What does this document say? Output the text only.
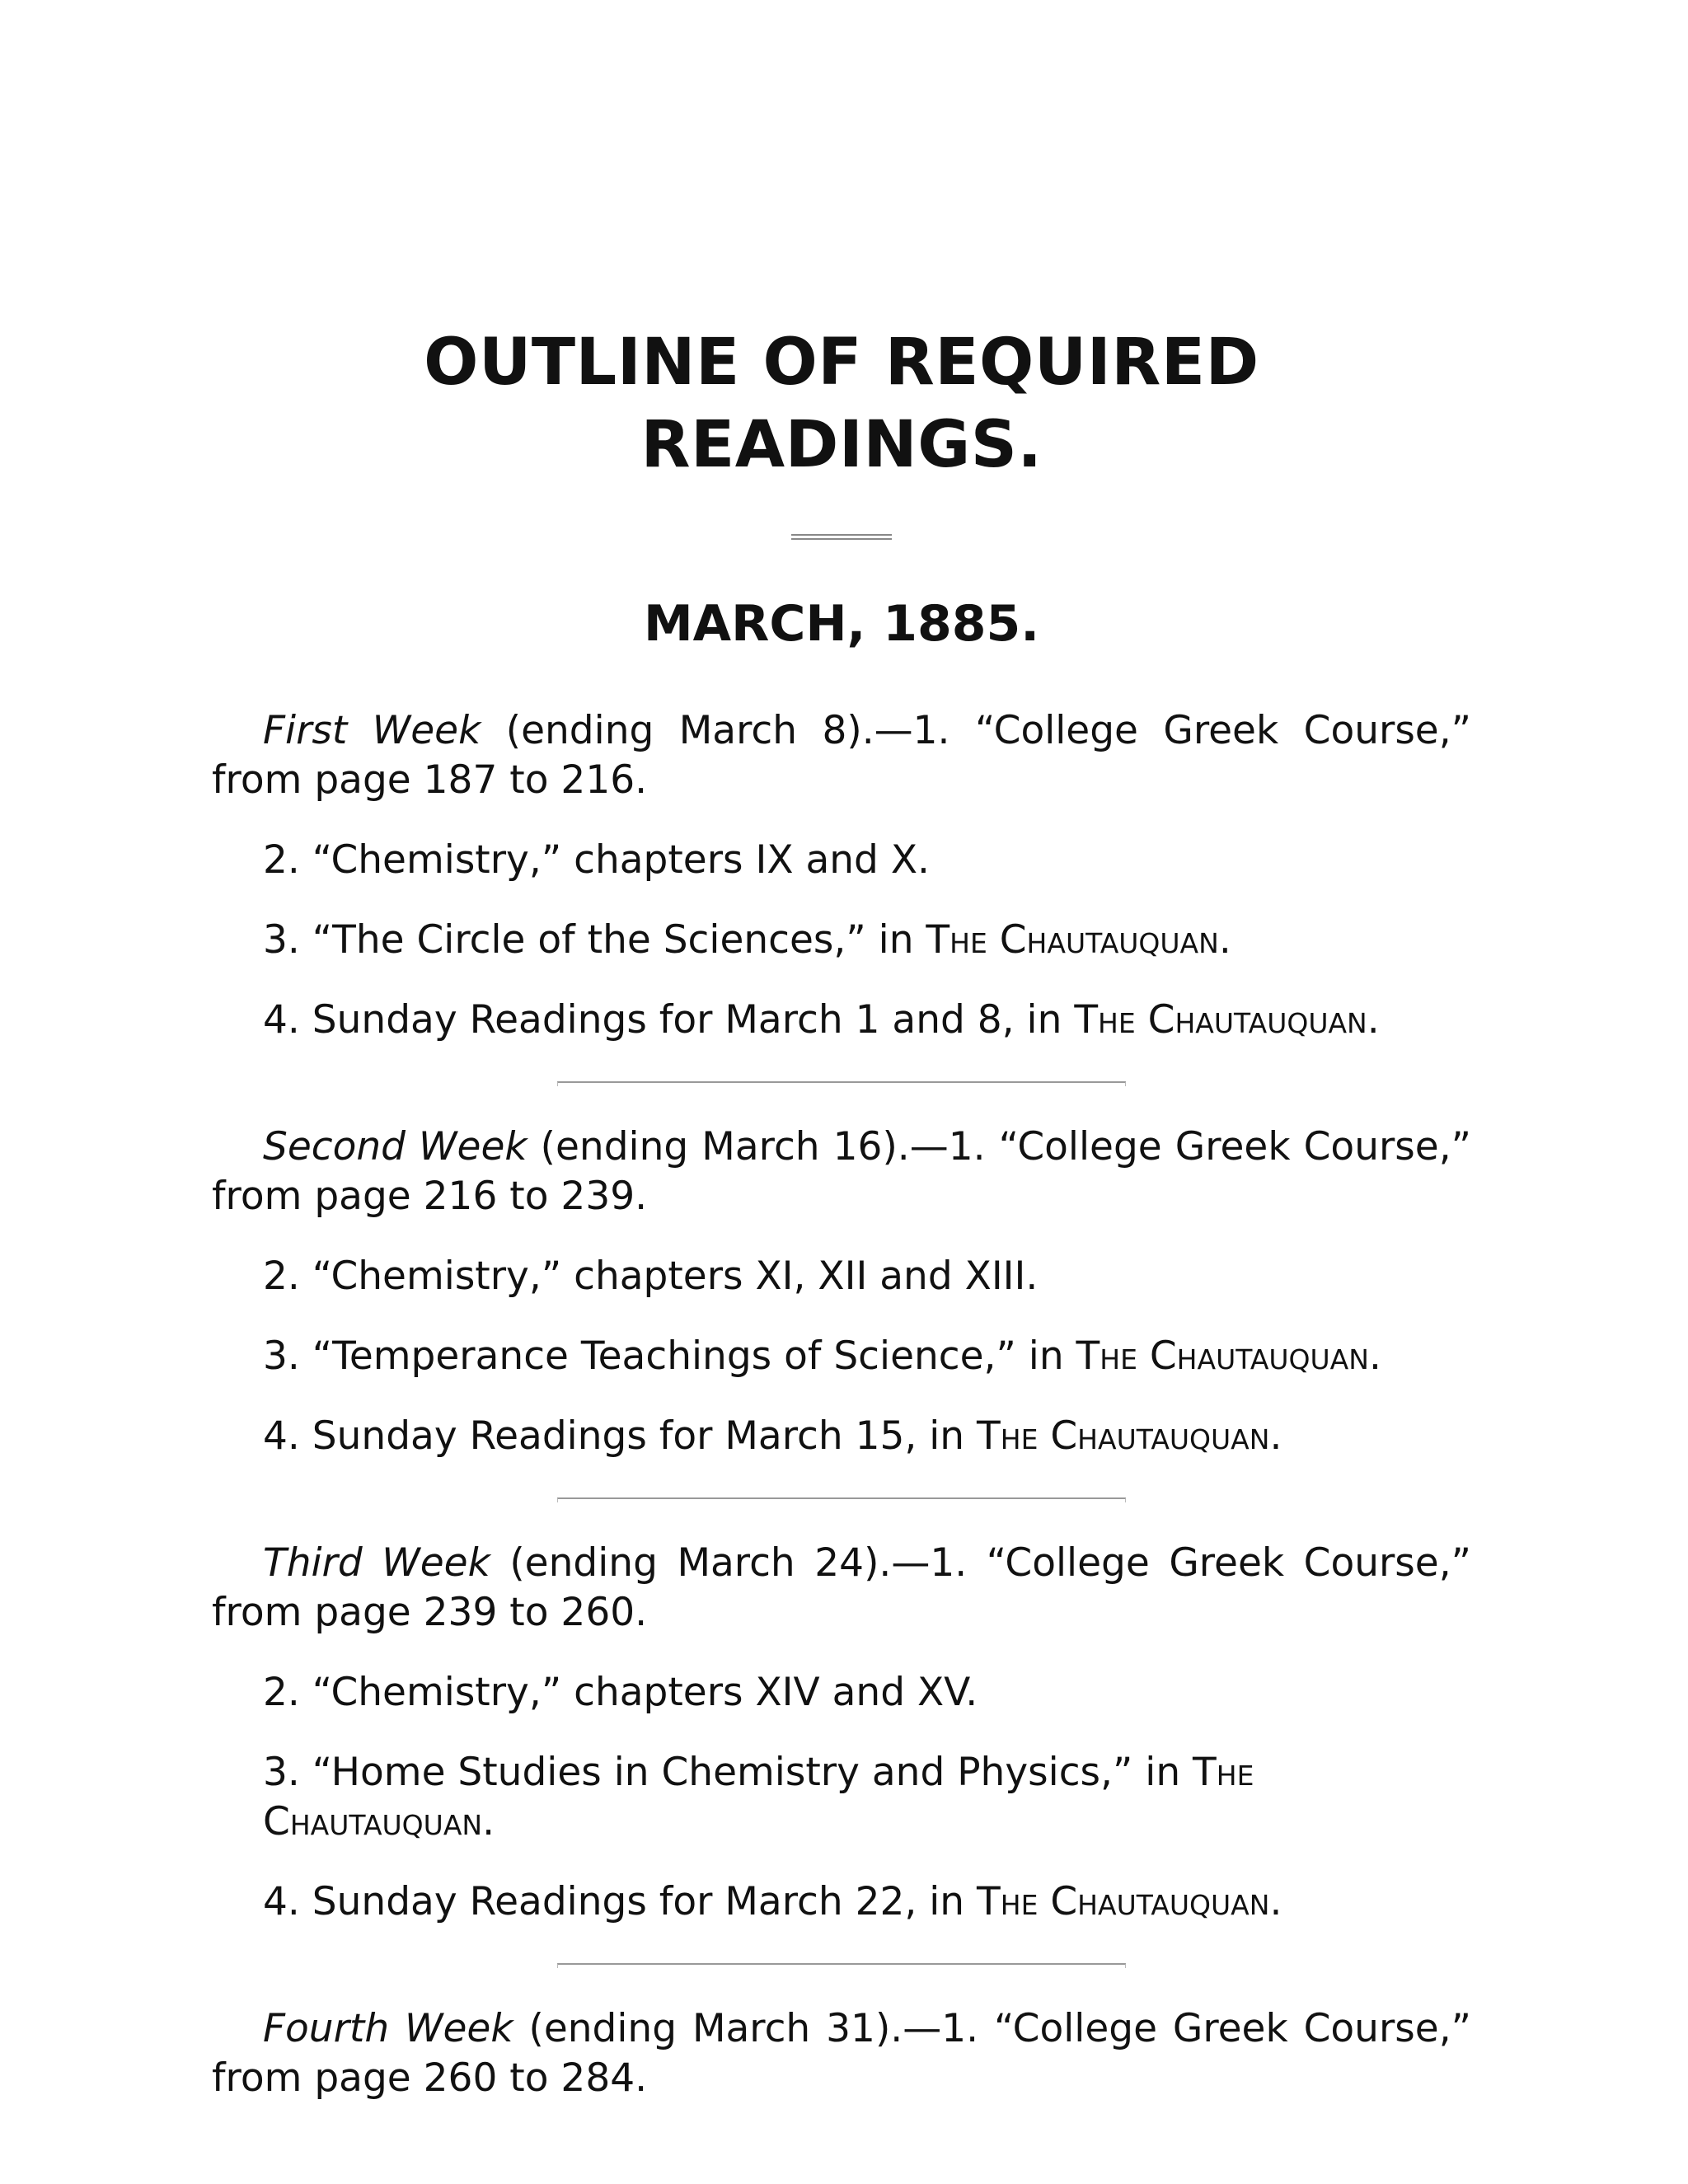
OUTLINE OF REQUIRED READINGS.
MARCH, 1885.

First Week (ending March 8).—1. “College Greek Course,” from page 187 to 216.

2. “Chemistry,” chapters IX and X.

3. “The Circle of the Sciences,” in The Chautauquan.

4. Sunday Readings for March 1 and 8, in The Chautauquan.

Second Week (ending March 16).—1. “College Greek Course,” from page 216 to 239.

2. “Chemistry,” chapters XI, XII and XIII.

3. “Temperance Teachings of Science,” in The Chautauquan.

4. Sunday Readings for March 15, in The Chautauquan.

Third Week (ending March 24).—1. “College Greek Course,” from page 239 to 260.

2. “Chemistry,” chapters XIV and XV.

3. “Home Studies in Chemistry and Physics,” in The Chautauquan.

4. Sunday Readings for March 22, in The Chautauquan.

Fourth Week (ending March 31).—1. “College Greek Course,” from page 260 to 284.
